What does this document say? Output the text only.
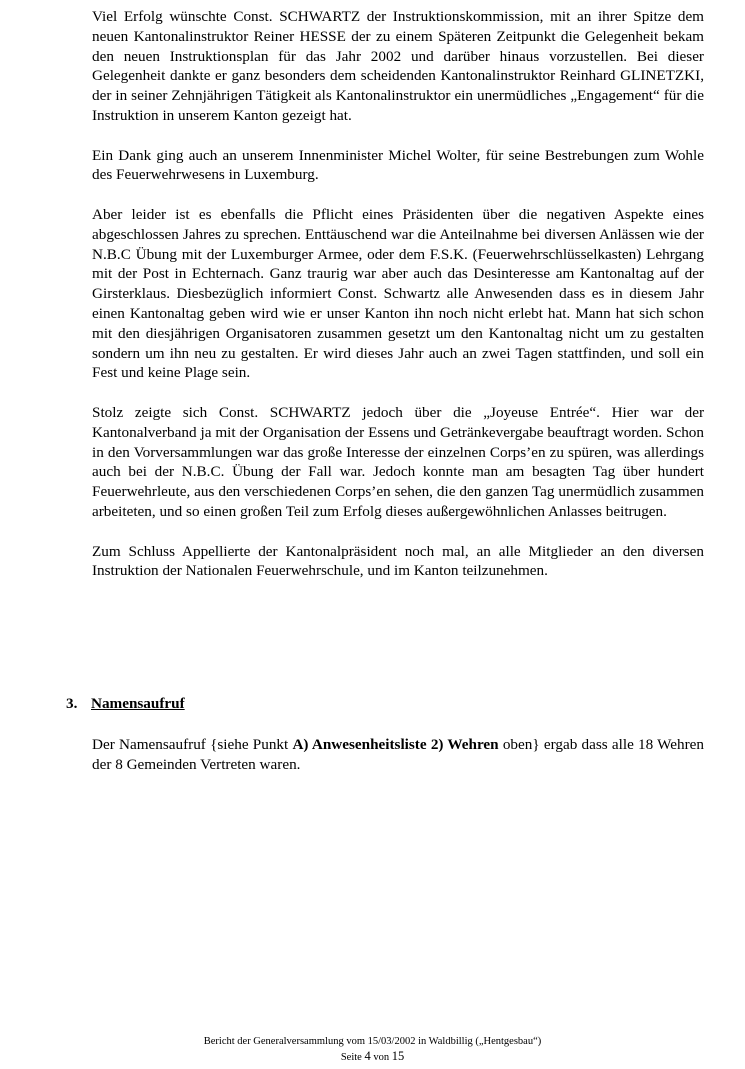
Viel Erfolg wünschte Const. SCHWARTZ der Instruktionskommission, mit an ihrer Spitze dem neuen Kantonalinstruktor Reiner HESSE der zu einem Späteren Zeitpunkt die Gelegenheit bekam den neuen Instruktionsplan für das Jahr 2002 und darüber hinaus vorzustellen. Bei dieser Gelegenheit dankte er ganz besonders dem scheidenden Kantonalinstruktor Reinhard GLINETZKI, der in seiner Zehnjährigen Tätigkeit als Kantonalinstruktor ein unermüdliches „Engagement“ für die Instruktion in unserem Kanton gezeigt hat.

Ein Dank ging auch an unserem Innenminister Michel Wolter, für seine Bestrebungen zum Wohle des Feuerwehrwesens in Luxemburg.

Aber leider ist es ebenfalls die Pflicht eines Präsidenten über die negativen Aspekte eines abgeschlossen Jahres zu sprechen. Enttäuschend war die Anteilnahme bei diversen Anlässen wie der N.B.C Übung mit der Luxemburger Armee, oder dem F.S.K. (Feuerwehrschlüsselkasten) Lehrgang mit der Post in Echternach. Ganz traurig war aber auch das Desinteresse am Kantonaltag auf der Girsterklaus. Diesbezüglich informiert Const. Schwartz alle Anwesenden dass es in diesem Jahr einen Kantonaltag geben wird wie er unser Kanton ihn noch nicht erlebt hat. Mann hat sich schon mit den diesjährigen Organisatoren zusammen gesetzt um den Kantonaltag nicht um zu gestalten sondern um ihn neu zu gestalten. Er wird dieses Jahr auch an zwei Tagen stattfinden, und soll ein Fest und keine Plage sein.

Stolz zeigte sich Const. SCHWARTZ jedoch über die „Joyeuse Entrée“. Hier war der Kantonalverband ja mit der Organisation der Essens und Getränkevergabe beauftragt worden. Schon in den Vorversammlungen war das große Interesse der einzelnen Corps’en zu spüren, was allerdings auch bei der N.B.C. Übung der Fall war. Jedoch konnte man am besagten Tag über hundert Feuerwehrleute, aus den verschiedenen Corps’en sehen, die den ganzen Tag unermüdlich zusammen arbeiteten, und so einen großen Teil zum Erfolg dieses außergewöhnlichen Anlasses beitrugen.

Zum Schluss Appellierte der Kantonalpräsident noch mal, an alle Mitglieder an den diversen Instruktion der Nationalen Feuerwehrschule, und im Kanton teilzunehmen.

3. Namensaufruf
Der Namensaufruf {siehe Punkt A) Anwesenheitsliste 2) Wehren oben} ergab dass alle 18 Wehren der 8 Gemeinden Vertreten waren.
Bericht der Generalversammlung vom 15/03/2002 in Waldbillig („Hentgesbau“)
Seite 4 von 15
